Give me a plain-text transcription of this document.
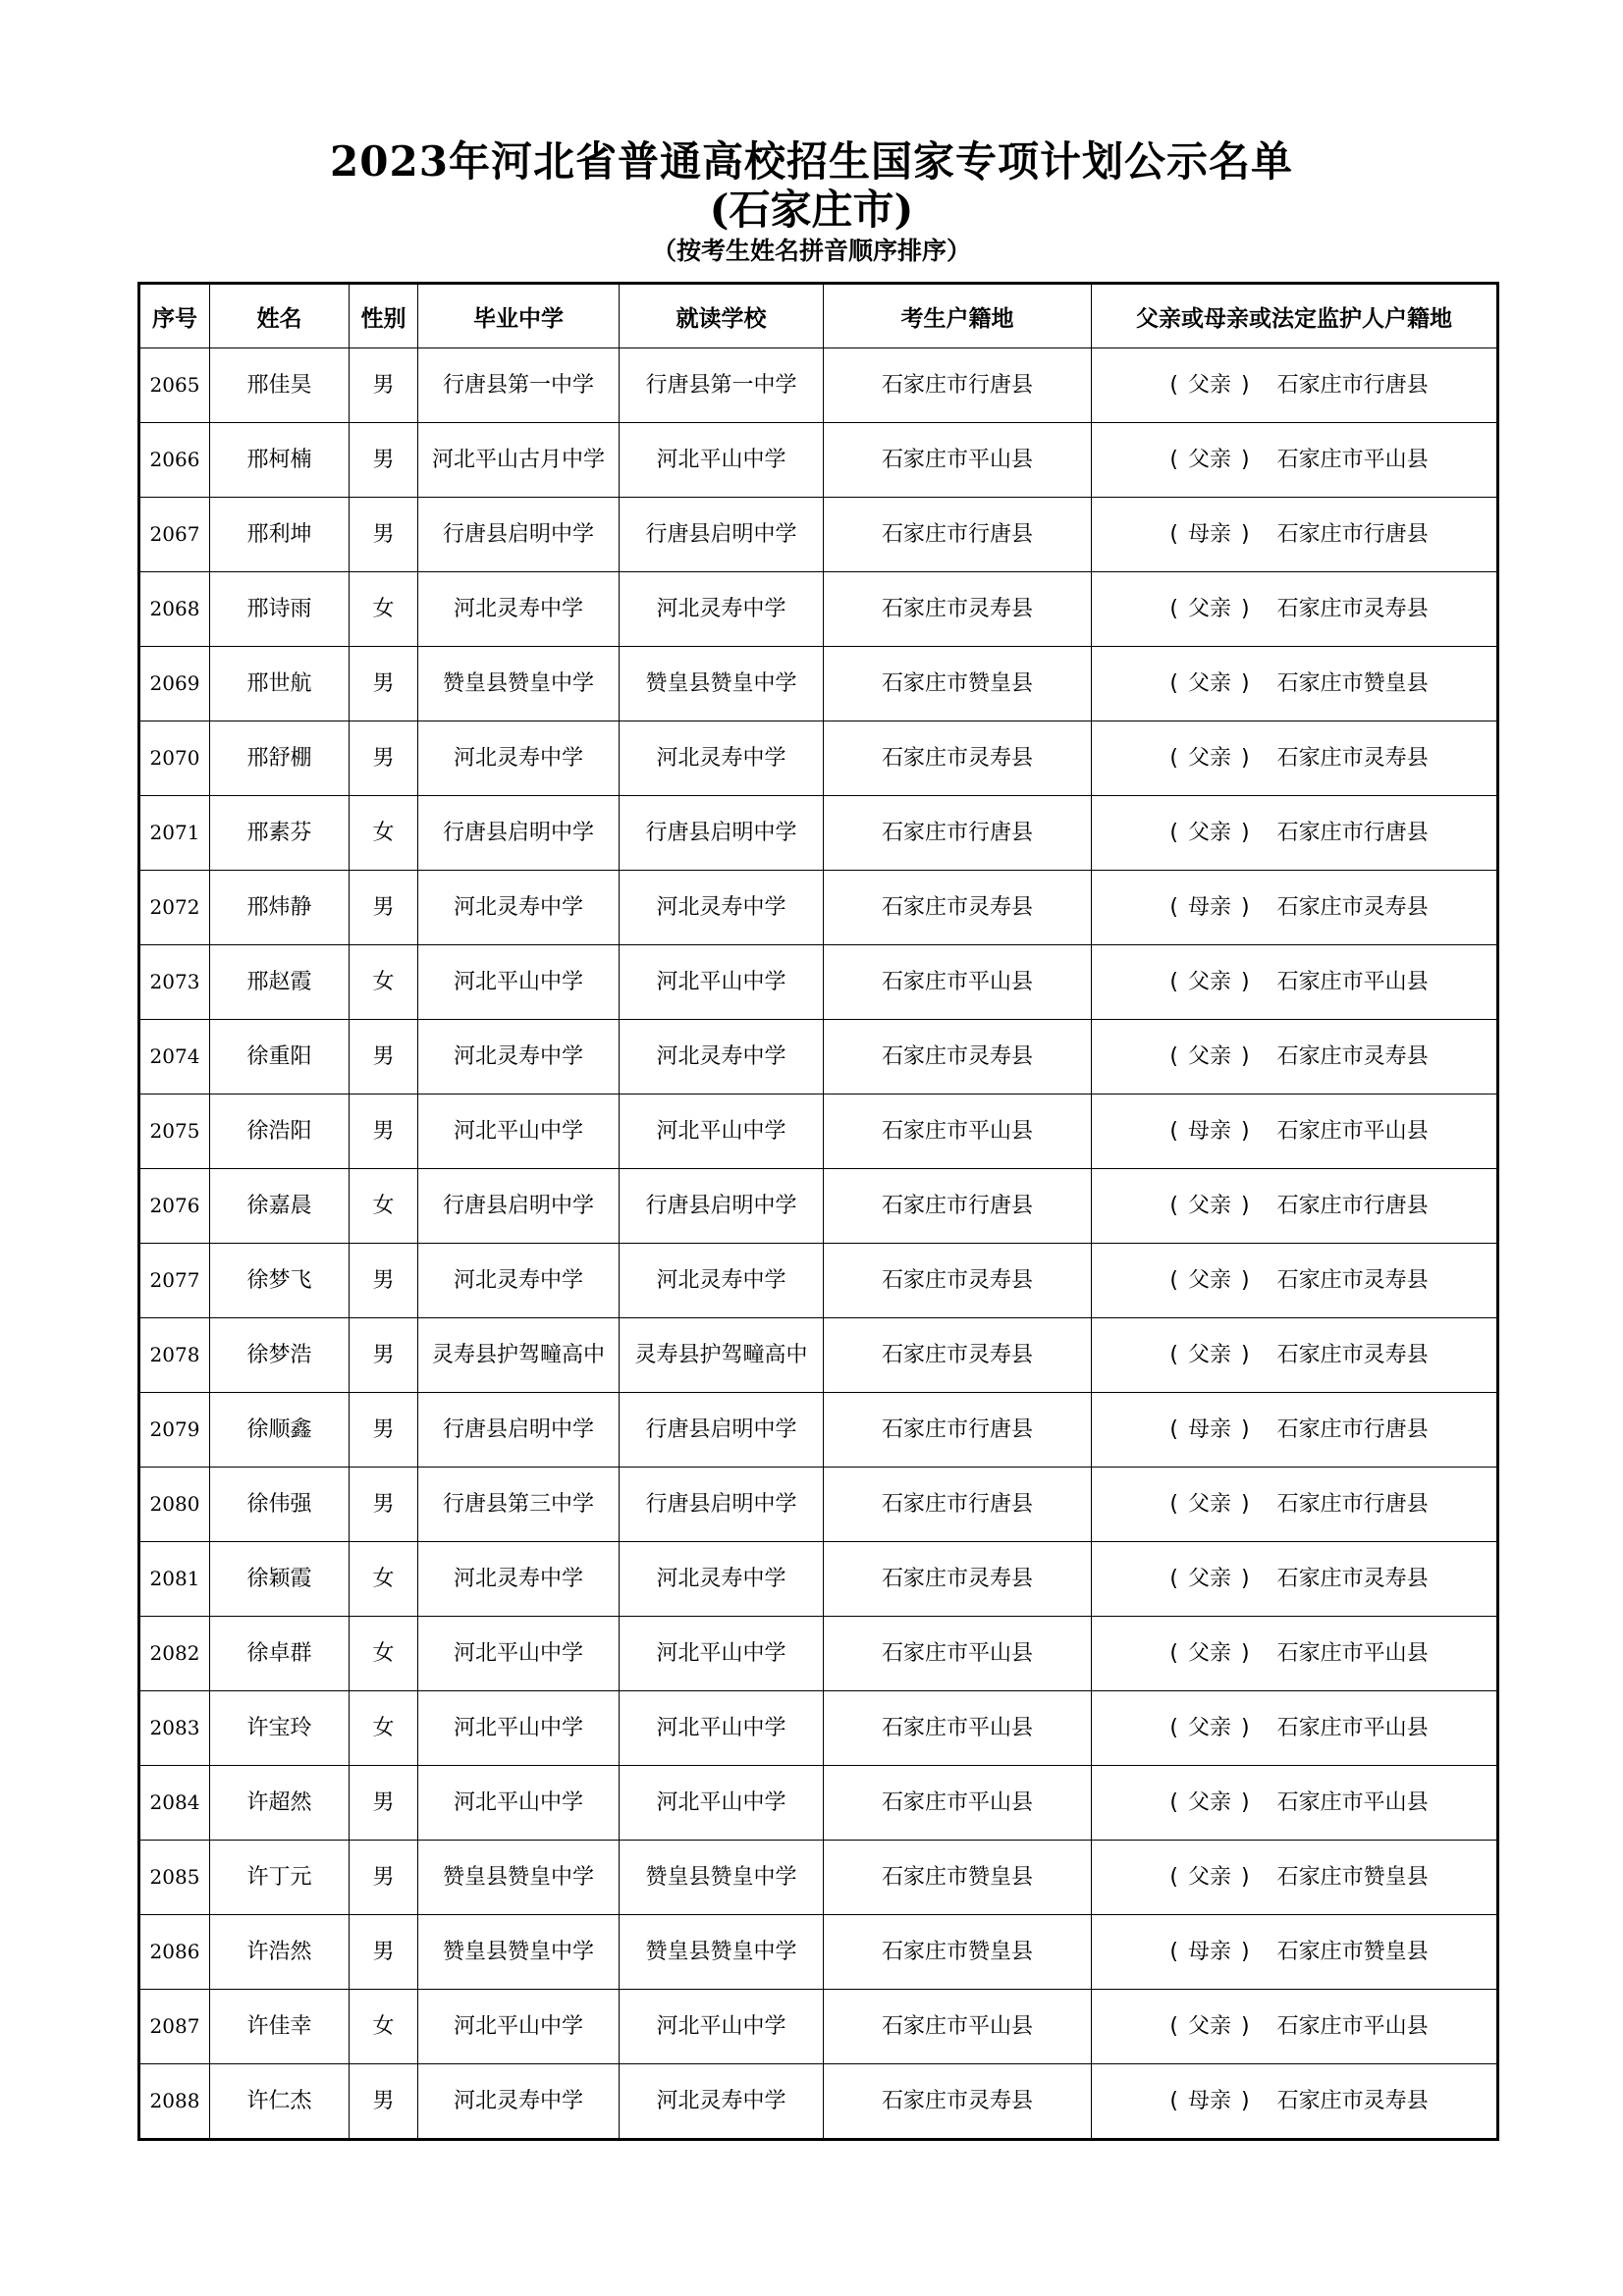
2023年河北省普通高校招生国家专项计划公示名单
(石家庄市)
（按考生姓名拼音顺序排序）
序号	姓名	性别	毕业中学	就读学校	考生户籍地	父亲或母亲或法定监护人户籍地
2065	邢佳昊	男	行唐县第一中学	行唐县第一中学	石家庄市行唐县	( 父亲 ) 石家庄市行唐县
2066	邢柯楠	男	河北平山古月中学	河北平山中学	石家庄市平山县	( 父亲 ) 石家庄市平山县
2067	邢利坤	男	行唐县启明中学	行唐县启明中学	石家庄市行唐县	( 母亲 ) 石家庄市行唐县
2068	邢诗雨	女	河北灵寿中学	河北灵寿中学	石家庄市灵寿县	( 父亲 ) 石家庄市灵寿县
2069	邢世航	男	赞皇县赞皇中学	赞皇县赞皇中学	石家庄市赞皇县	( 父亲 ) 石家庄市赞皇县
2070	邢舒棚	男	河北灵寿中学	河北灵寿中学	石家庄市灵寿县	( 父亲 ) 石家庄市灵寿县
2071	邢素芬	女	行唐县启明中学	行唐县启明中学	石家庄市行唐县	( 父亲 ) 石家庄市行唐县
2072	邢炜静	男	河北灵寿中学	河北灵寿中学	石家庄市灵寿县	( 母亲 ) 石家庄市灵寿县
2073	邢赵霞	女	河北平山中学	河北平山中学	石家庄市平山县	( 父亲 ) 石家庄市平山县
2074	徐重阳	男	河北灵寿中学	河北灵寿中学	石家庄市灵寿县	( 父亲 ) 石家庄市灵寿县
2075	徐浩阳	男	河北平山中学	河北平山中学	石家庄市平山县	( 母亲 ) 石家庄市平山县
2076	徐嘉晨	女	行唐县启明中学	行唐县启明中学	石家庄市行唐县	( 父亲 ) 石家庄市行唐县
2077	徐梦飞	男	河北灵寿中学	河北灵寿中学	石家庄市灵寿县	( 父亲 ) 石家庄市灵寿县
2078	徐梦浩	男	灵寿县护驾疃高中	灵寿县护驾疃高中	石家庄市灵寿县	( 父亲 ) 石家庄市灵寿县
2079	徐顺鑫	男	行唐县启明中学	行唐县启明中学	石家庄市行唐县	( 母亲 ) 石家庄市行唐县
2080	徐伟强	男	行唐县第三中学	行唐县启明中学	石家庄市行唐县	( 父亲 ) 石家庄市行唐县
2081	徐颖霞	女	河北灵寿中学	河北灵寿中学	石家庄市灵寿县	( 父亲 ) 石家庄市灵寿县
2082	徐卓群	女	河北平山中学	河北平山中学	石家庄市平山县	( 父亲 ) 石家庄市平山县
2083	许宝玲	女	河北平山中学	河北平山中学	石家庄市平山县	( 父亲 ) 石家庄市平山县
2084	许超然	男	河北平山中学	河北平山中学	石家庄市平山县	( 父亲 ) 石家庄市平山县
2085	许丁元	男	赞皇县赞皇中学	赞皇县赞皇中学	石家庄市赞皇县	( 父亲 ) 石家庄市赞皇县
2086	许浩然	男	赞皇县赞皇中学	赞皇县赞皇中学	石家庄市赞皇县	( 母亲 ) 石家庄市赞皇县
2087	许佳幸	女	河北平山中学	河北平山中学	石家庄市平山县	( 父亲 ) 石家庄市平山县
2088	许仁杰	男	河北灵寿中学	河北灵寿中学	石家庄市灵寿县	( 母亲 ) 石家庄市灵寿县
